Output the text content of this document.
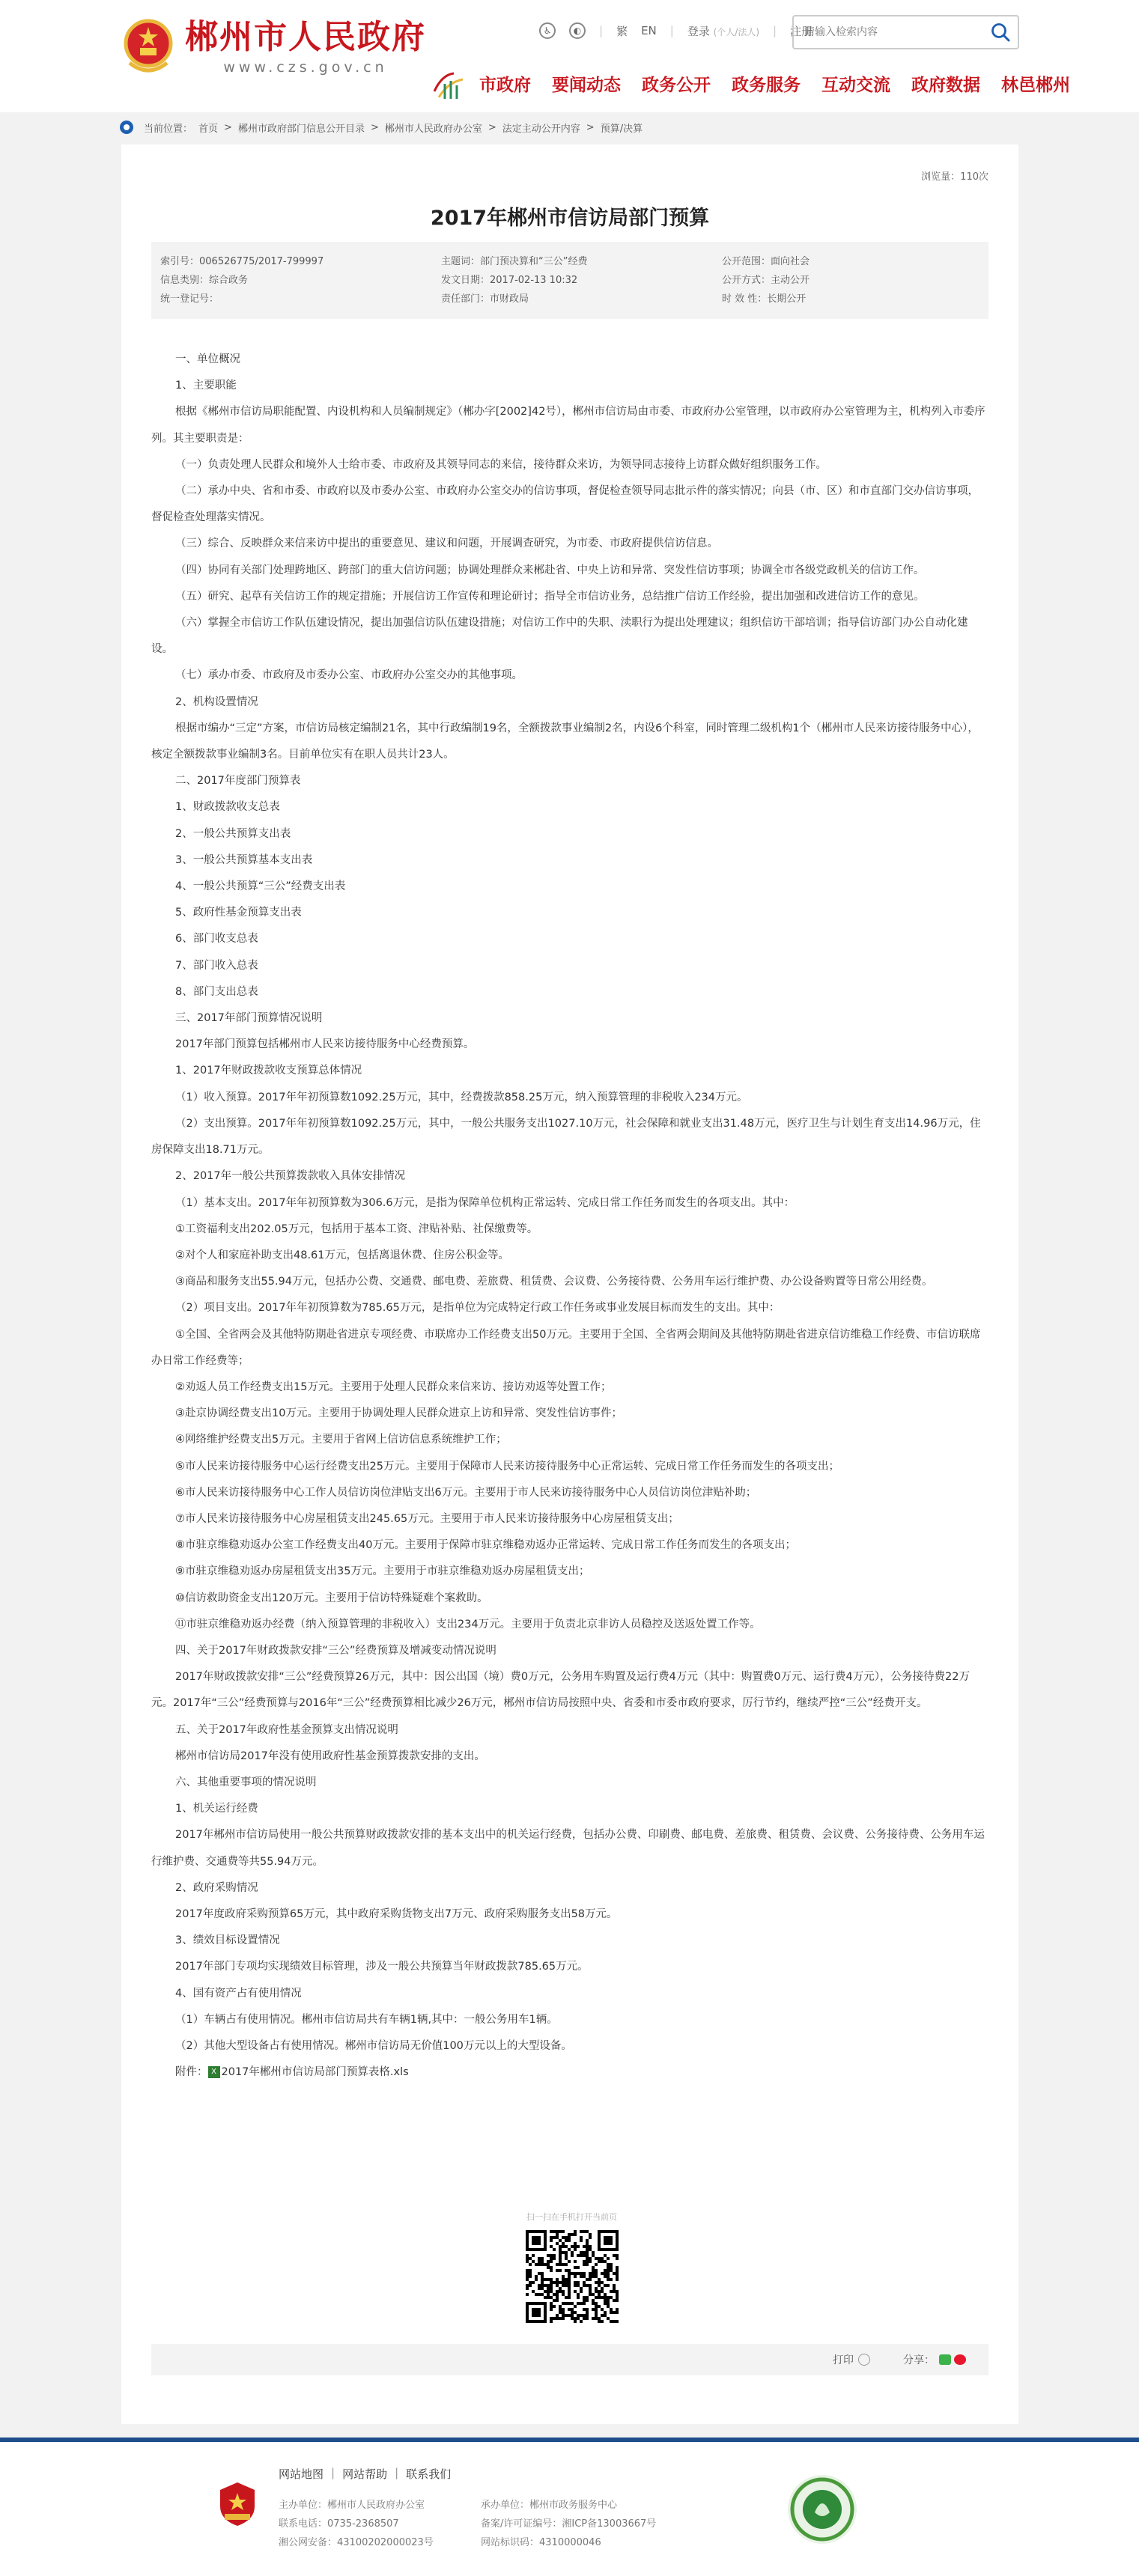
郴州市人民政府
www.czs.gov.cn
♿	◐	| 繁 EN | 登录 (个人/法人) | 注册
请输入检索内容
市政府 要闻动态 政务公开 政务服务 互动交流 政府数据 林邑郴州
当前位置： 首页 > 郴州市政府部门信息公开目录 > 郴州市人民政府办公室 > 法定主动公开内容 > 预算/决算
浏览量：110次
2017年郴州市信访局部门预算
索引号：006526775/2017-799997	主题词：部门预决算和“三公”经费	公开范围：面向社会
信息类别：综合政务	发文日期：2017-02-13 10:32	公开方式：主动公开
统一登记号：	责任部门：市财政局	时 效 性：长期公开

一、单位概况

1、主要职能

根据《郴州市信访局职能配置、内设机构和人员编制规定》（郴办字[2002]42号），郴州市信访局由市委、市政府办公室管理，以市政府办公室管理为主，机构列入市委序列。其主要职责是：

（一）负责处理人民群众和境外人士给市委、市政府及其领导同志的来信，接待群众来访，为领导同志接待上访群众做好组织服务工作。

（二）承办中央、省和市委、市政府以及市委办公室、市政府办公室交办的信访事项，督促检查领导同志批示件的落实情况；向县（市、区）和市直部门交办信访事项，督促检查处理落实情况。

（三）综合、反映群众来信来访中提出的重要意见、建议和问题，开展调查研究，为市委、市政府提供信访信息。

（四）协同有关部门处理跨地区、跨部门的重大信访问题；协调处理群众来郴赴省、中央上访和异常、突发性信访事项；协调全市各级党政机关的信访工作。

（五）研究、起草有关信访工作的规定措施；开展信访工作宣传和理论研讨；指导全市信访业务，总结推广信访工作经验，提出加强和改进信访工作的意见。

（六）掌握全市信访工作队伍建设情况，提出加强信访队伍建设措施；对信访工作中的失职、渎职行为提出处理建议；组织信访干部培训；指导信访部门办公自动化建设。

（七）承办市委、市政府及市委办公室、市政府办公室交办的其他事项。

2、机构设置情况

根据市编办“三定”方案，市信访局核定编制21名，其中行政编制19名，全额拨款事业编制2名，内设6个科室，同时管理二级机构1个（郴州市人民来访接待服务中心），核定全额拨款事业编制3名。目前单位实有在职人员共计23人。

二、2017年度部门预算表

1、财政拨款收支总表

2、一般公共预算支出表

3、一般公共预算基本支出表

4、一般公共预算“三公”经费支出表

5、政府性基金预算支出表

6、部门收支总表

7、部门收入总表

8、部门支出总表

三、2017年部门预算情况说明

2017年部门预算包括郴州市人民来访接待服务中心经费预算。

1、2017年财政拨款收支预算总体情况

（1）收入预算。2017年年初预算数1092.25万元，其中，经费拨款858.25万元，纳入预算管理的非税收入234万元。

（2）支出预算。2017年年初预算数1092.25万元，其中，一般公共服务支出1027.10万元，社会保障和就业支出31.48万元，医疗卫生与计划生育支出14.96万元，住房保障支出18.71万元。

2、2017年一般公共预算拨款收入具体安排情况

（1）基本支出。2017年年初预算数为306.6万元，是指为保障单位机构正常运转、完成日常工作任务而发生的各项支出。其中：

①工资福利支出202.05万元，包括用于基本工资、津贴补贴、社保缴费等。

②对个人和家庭补助支出48.61万元，包括离退休费、住房公积金等。

③商品和服务支出55.94万元，包括办公费、交通费、邮电费、差旅费、租赁费、会议费、公务接待费、公务用车运行维护费、办公设备购置等日常公用经费。

（2）项目支出。2017年年初预算数为785.65万元，是指单位为完成特定行政工作任务或事业发展目标而发生的支出。其中：

①全国、全省两会及其他特防期赴省进京专项经费、市联席办工作经费支出50万元。主要用于全国、全省两会期间及其他特防期赴省进京信访维稳工作经费、市信访联席办日常工作经费等；

②劝返人员工作经费支出15万元。主要用于处理人民群众来信来访、接访劝返等处置工作；

③赴京协调经费支出10万元。主要用于协调处理人民群众进京上访和异常、突发性信访事件；

④网络维护经费支出5万元。主要用于省网上信访信息系统维护工作；

⑤市人民来访接待服务中心运行经费支出25万元。主要用于保障市人民来访接待服务中心正常运转、完成日常工作任务而发生的各项支出；

⑥市人民来访接待服务中心工作人员信访岗位津贴支出6万元。主要用于市人民来访接待服务中心人员信访岗位津贴补助；

⑦市人民来访接待服务中心房屋租赁支出245.65万元。主要用于市人民来访接待服务中心房屋租赁支出；

⑧市驻京维稳劝返办公室工作经费支出40万元。主要用于保障市驻京维稳劝返办正常运转、完成日常工作任务而发生的各项支出；

⑨市驻京维稳劝返办房屋租赁支出35万元。主要用于市驻京维稳劝返办房屋租赁支出；

⑩信访救助资金支出120万元。主要用于信访特殊疑难个案救助。

⑪市驻京维稳劝返办经费（纳入预算管理的非税收入）支出234万元。主要用于负责北京非访人员稳控及送返处置工作等。

四、关于2017年财政拨款安排“三公”经费预算及增减变动情况说明

2017年财政拨款安排“三公”经费预算26万元，其中：因公出国（境）费0万元，公务用车购置及运行费4万元（其中：购置费0万元、运行费4万元），公务接待费22万元。2017年“三公”经费预算与2016年“三公”经费预算相比减少26万元，郴州市信访局按照中央、省委和市委市政府要求，厉行节约，继续严控“三公”经费开支。

五、关于2017年政府性基金预算支出情况说明

郴州市信访局2017年没有使用政府性基金预算拨款安排的支出。

六、其他重要事项的情况说明

1、机关运行经费

2017年郴州市信访局使用一般公共预算财政拨款安排的基本支出中的机关运行经费，包括办公费、印刷费、邮电费、差旅费、租赁费、会议费、公务接待费、公务用车运行维护费、交通费等共55.94万元。

2、政府采购情况

2017年度政府采购预算65万元，其中政府采购货物支出7万元、政府采购服务支出58万元。

3、绩效目标设置情况

2017年部门专项均实现绩效目标管理，涉及一般公共预算当年财政拨款785.65万元。

4、国有资产占有使用情况

（1）车辆占有使用情况。郴州市信访局共有车辆1辆,其中：一般公务用车1辆。

（2）其他大型设备占有使用情况。郴州市信访局无价值100万元以上的大型设备。

附件： X 2017年郴州市信访局部门预算表格.xls

扫一扫在手机打开当前页
打印	分享：
网站地图 | 网站帮助 | 联系我们
主办单位：郴州市人民政府办公室	承办单位：郴州市政务服务中心
联系电话：0735-2368507	备案/许可证编号：湘ICP备13003667号
湘公网安备：43100202000023号	网站标识码：4310000046
